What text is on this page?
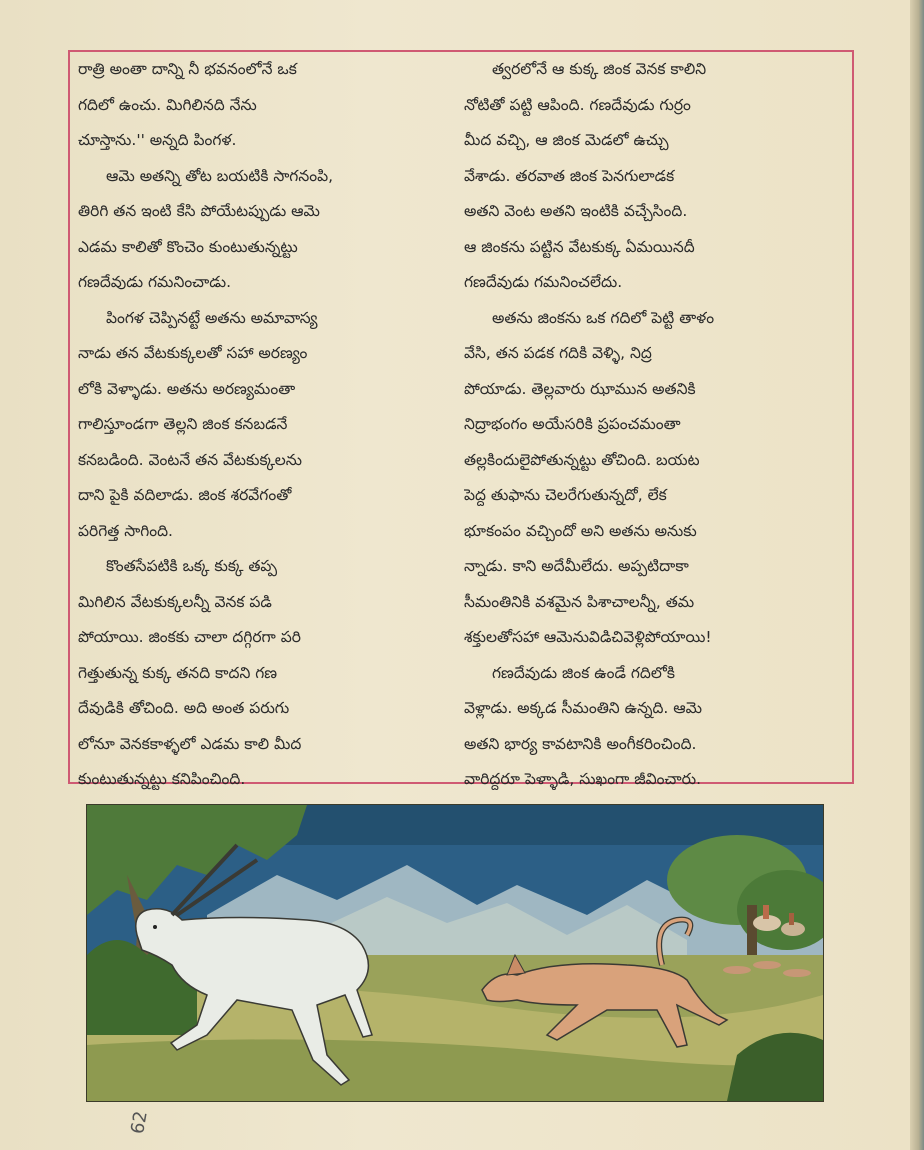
రాత్రి అంతా దాన్ని నీ భవనంలోనే ఒక
గదిలో ఉంచు. మిగిలినది నేను
చూస్తాను.'' అన్నది పింగళ.
ఆమె అతన్ని తోట బయటికి సాగనంపి,
తిరిగి తన ఇంటి కేసి పోయేటప్పుడు ఆమె
ఎడమ కాలితో కొంచెం కుంటుతున్నట్టు
గణదేవుడు గమనించాడు.
పింగళ చెప్పినట్టే అతను అమావాస్య
నాడు తన వేటకుక్కలతో సహా అరణ్యం
లోకి వెళ్ళాడు. అతను అరణ్యమంతా
గాలిస్తూండగా తెల్లని జింక కనబడనే
కనబడింది. వెంటనే తన వేటకుక్కలను
దాని పైకి వదిలాడు. జింక శరవేగంతో
పరిగెత్త సాగింది.
కొంతసేపటికి ఒక్క కుక్క తప్ప
మిగిలిన వేటకుక్కలన్నీ వెనక పడి
పోయాయి. జింకకు చాలా దగ్గిరగా పరి
గెత్తుతున్న కుక్క తనది కాదని గణ
దేవుడికి తోచింది. అది అంత పరుగు
లోనూ వెనకకాళ్ళలో ఎడమ కాలి మీద
కుంటుతున్నట్టు కనిపించింది.
త్వరలోనే ఆ కుక్క జింక వెనక కాలిని
నోటితో పట్టి ఆపింది. గణదేవుడు గుర్రం
మీద వచ్చి, ఆ జింక మెడలో ఉచ్చు
వేశాడు. తరవాత జింక పెనగులాడక
అతని వెంట అతని ఇంటికి వచ్చేసింది.
ఆ జింకను పట్టిన వేటకుక్క ఏమయినదీ
గణదేవుడు గమనించలేదు.
అతను జింకను ఒక గదిలో పెట్టి తాళం
వేసి, తన పడక గదికి వెళ్ళి, నిద్ర
పోయాడు. తెల్లవారు ఝామున అతనికి
నిద్రాభంగం అయేసరికి ప్రపంచమంతా
తల్లకిందులైపోతున్నట్టు తోచింది. బయట
పెద్ద తుఫాను చెలరేగుతున్నదో, లేక
భూకంపం వచ్చిందో అని అతను అనుకు
న్నాడు. కాని అదేమీలేదు. అప్పటిదాకా
సీమంతినికి వశమైన పిశాచాలన్నీ, తమ
శక్తులతోసహా ఆమెనువిడిచివెళ్లిపోయాయి!
గణదేవుడు జింక ఉండే గదిలోకి
వెళ్లాడు. అక్కడ సీమంతిని ఉన్నది. ఆమె
అతని భార్య కావటానికి అంగీకరించింది.
వారిద్దరూ పెళ్ళాడి, సుఖంగా జీవించారు.
62
